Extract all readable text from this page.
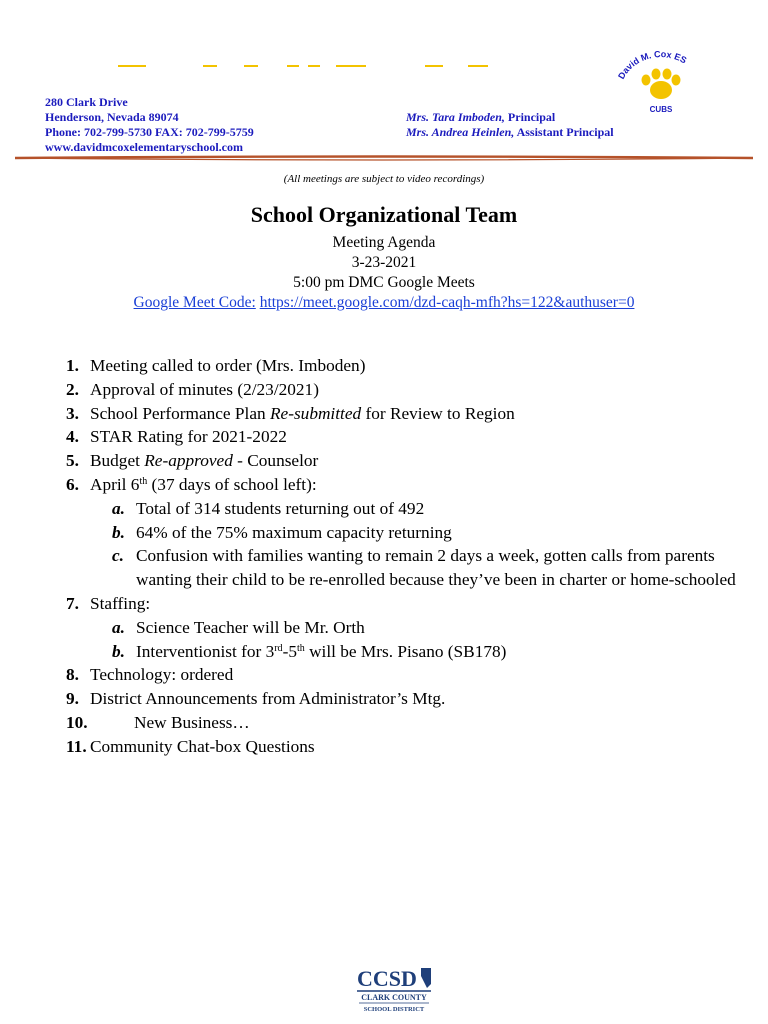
David M. Cox ES
CUBS
280 Clark Drive
Henderson, Nevada 89074
Phone: 702-799-5730 FAX: 702-799-5759
www.davidmcoxelementaryschool.com
Mrs. Tara Imboden, Principal
Mrs. Andrea Heinlen, Assistant Principal
(All meetings are subject to video recordings)
School Organizational Team
Meeting Agenda
3-23-2021
5:00 pm DMC Google Meets
Google Meet Code: https://meet.google.com/dzd-caqh-mfh?hs=122&authuser=0
1. Meeting called to order (Mrs. Imboden)
2. Approval of minutes (2/23/2021)
3. School Performance Plan Re-submitted for Review to Region
4. STAR Rating for 2021-2022
5. Budget Re-approved - Counselor
6. April 6th (37 days of school left):
a. Total of 314 students returning out of 492
b. 64% of the 75% maximum capacity returning
c. Confusion with families wanting to remain 2 days a week, gotten calls from parents wanting their child to be re-enrolled because they’ve been in charter or home-schooled
7. Staffing:
a. Science Teacher will be Mr. Orth
b. Interventionist for 3rd-5th will be Mrs. Pisano (SB178)
8. Technology: ordered
9. District Announcements from Administrator’s Mtg.
10.	New Business…
11. Community Chat-box Questions
CCSD
CLARK COUNTY
SCHOOL DISTRICT
